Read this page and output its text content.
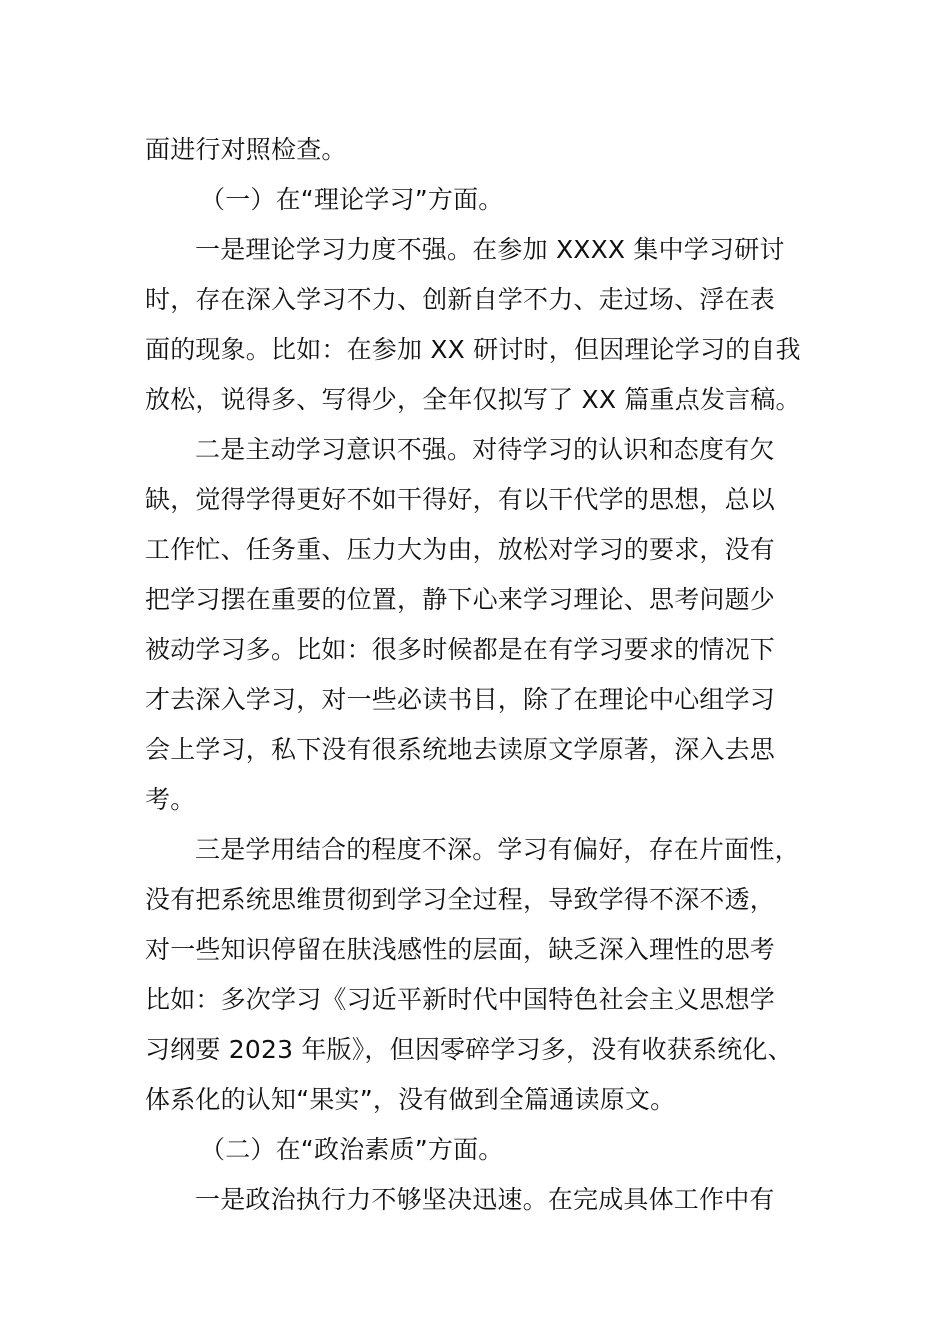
面进行对照检查。
（一）在“理论学习”方面。
一是理论学习力度不强。在参加 XXXX 集中学习研讨
时，存在深入学习不力、创新自学不力、走过场、浮在表
面的现象。比如：在参加 XX 研讨时，但因理论学习的自我
放松，说得多、写得少，全年仅拟写了 XX 篇重点发言稿。
二是主动学习意识不强。对待学习的认识和态度有欠
缺，觉得学得更好不如干得好，有以干代学的思想，总以
工作忙、任务重、压力大为由，放松对学习的要求，没有
把学习摆在重要的位置，静下心来学习理论、思考问题少
被动学习多。比如：很多时候都是在有学习要求的情况下
才去深入学习，对一些必读书目，除了在理论中心组学习
会上学习，私下没有很系统地去读原文学原著，深入去思
考。
三是学用结合的程度不深。学习有偏好，存在片面性，
没有把系统思维贯彻到学习全过程，导致学得不深不透，
对一些知识停留在肤浅感性的层面，缺乏深入理性的思考
比如：多次学习《习近平新时代中国特色社会主义思想学
习纲要 2023 年版》，但因零碎学习多，没有收获系统化、
体系化的认知“果实”，没有做到全篇通读原文。
（二）在“政治素质”方面。
一是政治执行力不够坚决迅速。在完成具体工作中有
